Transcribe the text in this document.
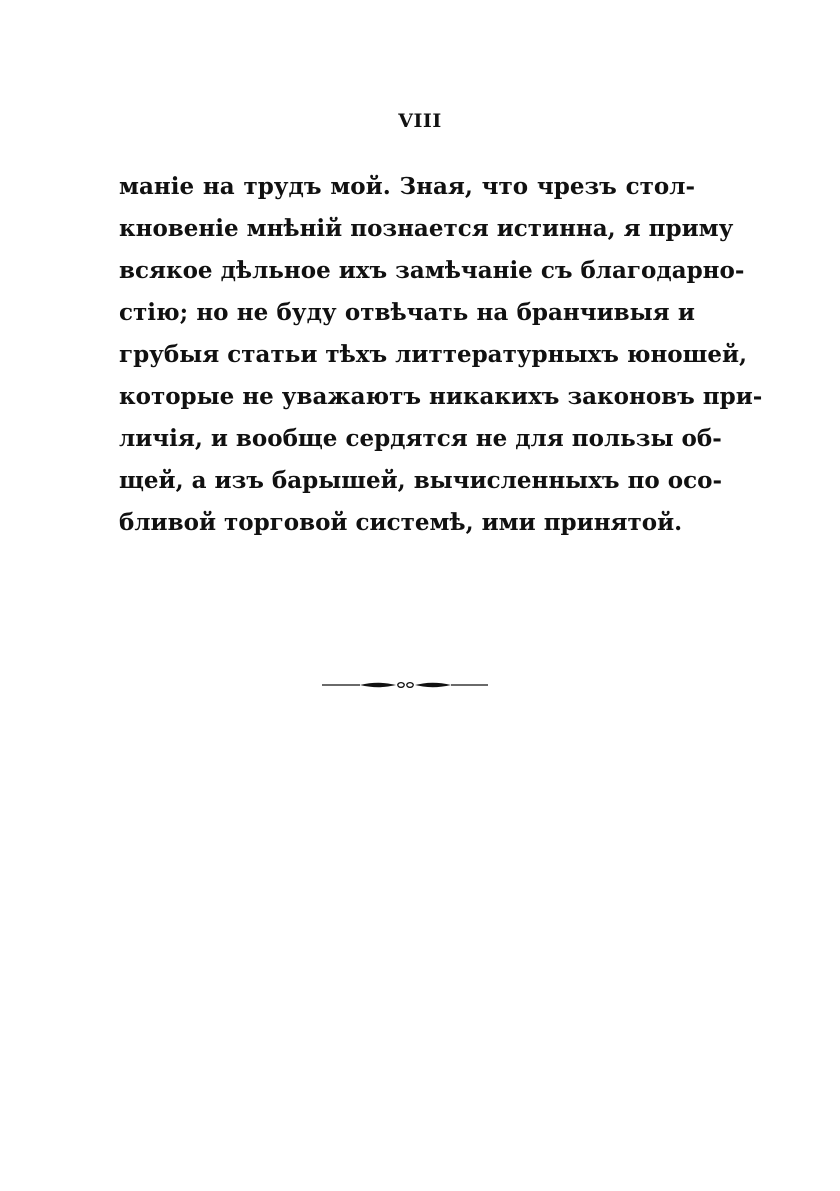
VIII
маніе на трудъ мой. Зная, что чрезъ стол-
кновеніе мнѣній познается истинна, я приму
всякое дѣльное ихъ замѣчаніе съ благодарно-
стію; но не буду отвѣчать на бранчивыя и
грубыя статьи тѣхъ литтературныхъ юношей,
которые не уважаютъ никакихъ законовъ при-
личія, и вообще сердятся не для пользы об-
щей, а изъ барышей, вычисленныхъ по осо-
бливой торговой системѣ, ими принятой.
